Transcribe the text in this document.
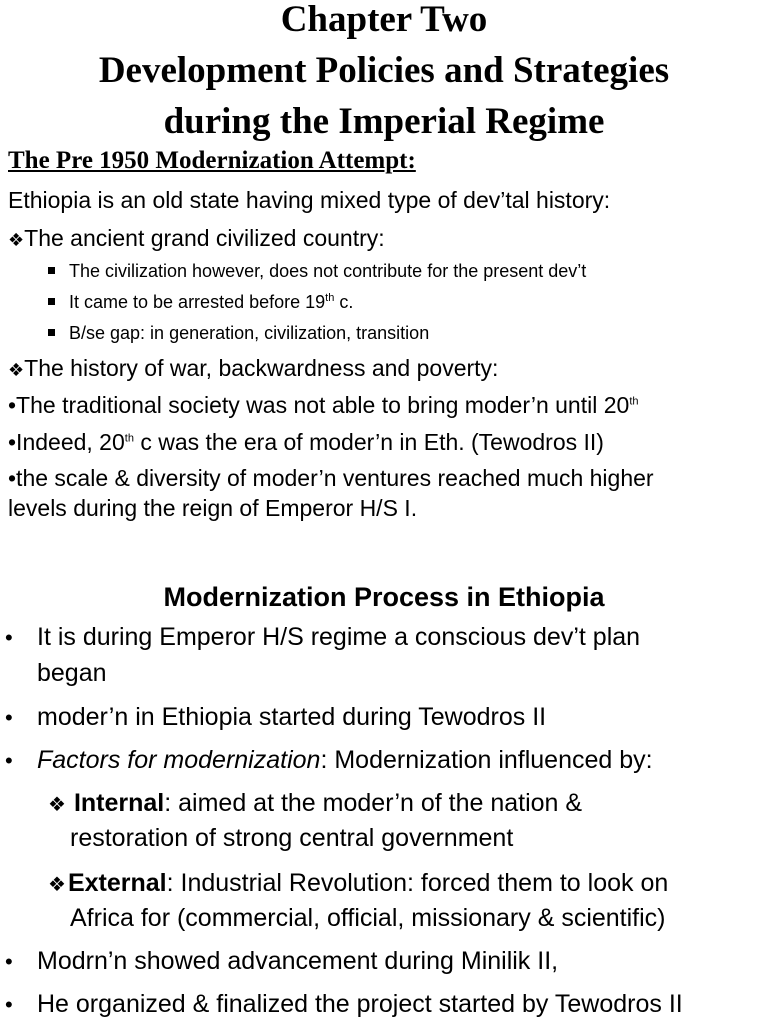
Chapter Two
Development Policies and Strategies
during the Imperial Regime
The Pre 1950 Modernization Attempt:
Ethiopia is an old state having mixed type of dev’tal history:
❖The ancient grand civilized country:
The civilization however, does not contribute for the present dev’t
It came to be arrested before 19th c.
B/se gap: in generation, civilization, transition
❖The history of war, backwardness and poverty:
•The traditional society was not able to bring moder’n until 20th
•Indeed, 20th c was the era of moder’n in Eth. (Tewodros II)
•the scale & diversity of moder’n ventures reached much higher
levels during the reign of Emperor H/S I.
Modernization Process in Ethiopia
• It is during Emperor H/S regime a conscious dev’t plan
began
• moder’n in Ethiopia started during Tewodros II
• Factors for modernization: Modernization influenced by:
❖ Internal: aimed at the moder’n of the nation &
restoration of strong central government
❖External: Industrial Revolution: forced them to look on
Africa for (commercial, official, missionary & scientific)
• Modrn’n showed advancement during Minilik II,
• He organized & finalized the project started by Tewodros II
